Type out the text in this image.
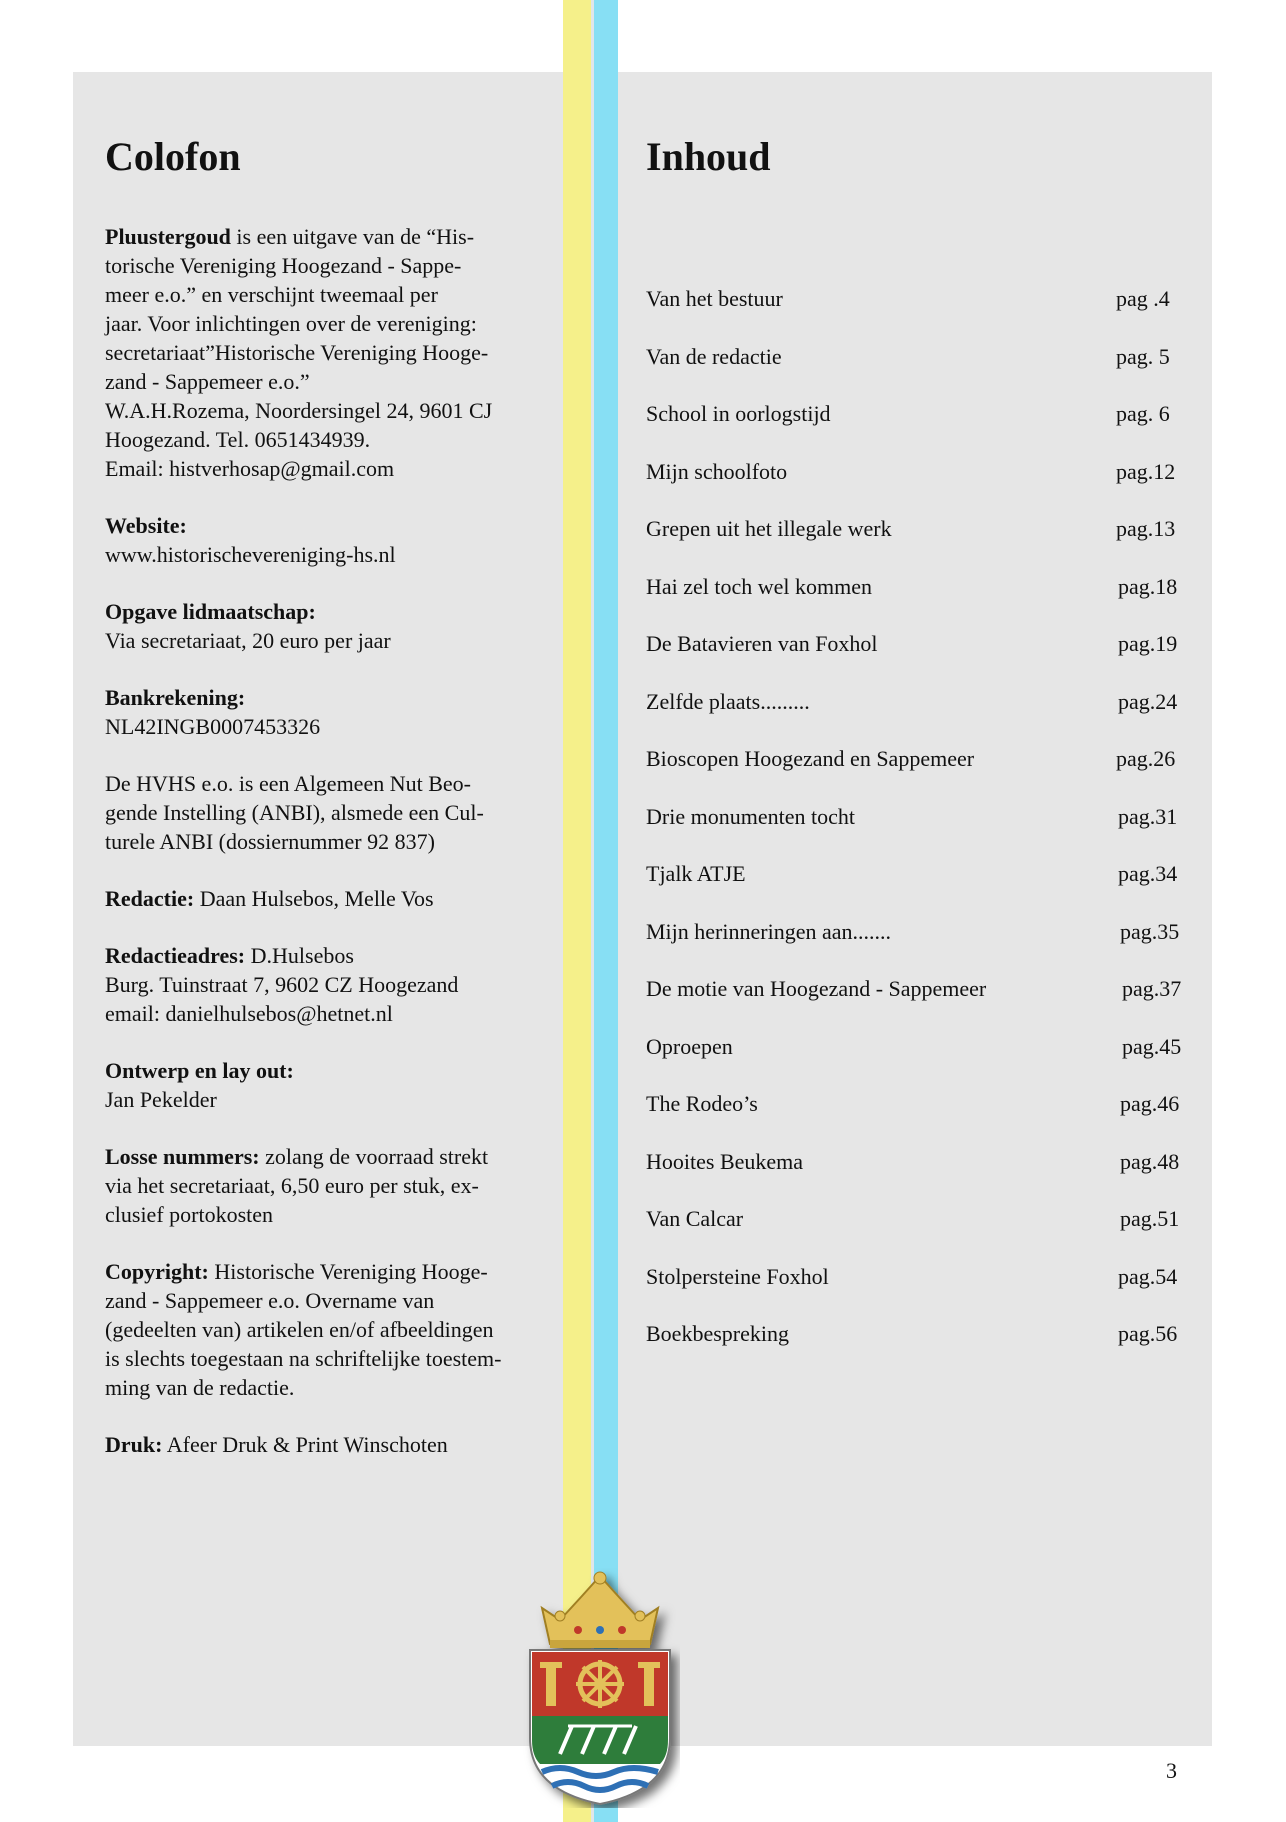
Colofon	Inhoud

Pluustergoud is een uitgave van de “His-
torische Vereniging Hoogezand - Sappe-
meer e.o.” en verschijnt tweemaal per
jaar. Voor inlichtingen over de vereniging:
secretariaat”Historische Vereniging Hooge-
zand - Sappemeer e.o.”
W.A.H.Rozema, Noordersingel 24, 9601 CJ
Hoogezand. Tel. 0651434939.
Email: histverhosap@gmail.com

Website:
www.historischevereniging-hs.nl

Opgave lidmaatschap:
Via secretariaat, 20 euro per jaar

Bankrekening:
NL42INGB0007453326

De HVHS e.o. is een Algemeen Nut Beo-
gende Instelling (ANBI), alsmede een Cul-
turele ANBI (dossiernummer 92 837)

Redactie: Daan Hulsebos, Melle Vos

Redactieadres: D.Hulsebos
Burg. Tuinstraat 7, 9602 CZ Hoogezand
email: danielhulsebos@hetnet.nl

Ontwerp en lay out:
Jan Pekelder

Losse nummers: zolang de voorraad strekt
via het secretariaat, 6,50 euro per stuk, ex-
clusief portokosten

Copyright: Historische Vereniging Hooge-
zand - Sappemeer e.o. Overname van
(gedeelten van) artikelen en/of afbeeldingen
is slechts toegestaan na schriftelijke toestem-
ming van de redactie.

Druk: Afeer Druk & Print Winschoten

Van het bestuur	pag .4
Van de redactie	pag. 5
School in oorlogstijd	pag. 6
Mijn schoolfoto	pag.12
Grepen uit het illegale werk	pag.13
Hai zel toch wel kommen	pag.18
De Batavieren van Foxhol	pag.19
Zelfde plaats.........	pag.24
Bioscopen Hoogezand en Sappemeer	pag.26
Drie monumenten tocht	pag.31
Tjalk ATJE	pag.34
Mijn herinneringen aan.......	pag.35
De motie van Hoogezand - Sappemeer	pag.37
Oproepen	pag.45
The Rodeo’s	pag.46
Hooites Beukema	pag.48
Van Calcar	pag.51
Stolpersteine Foxhol	pag.54
Boekbespreking	pag.56
3
